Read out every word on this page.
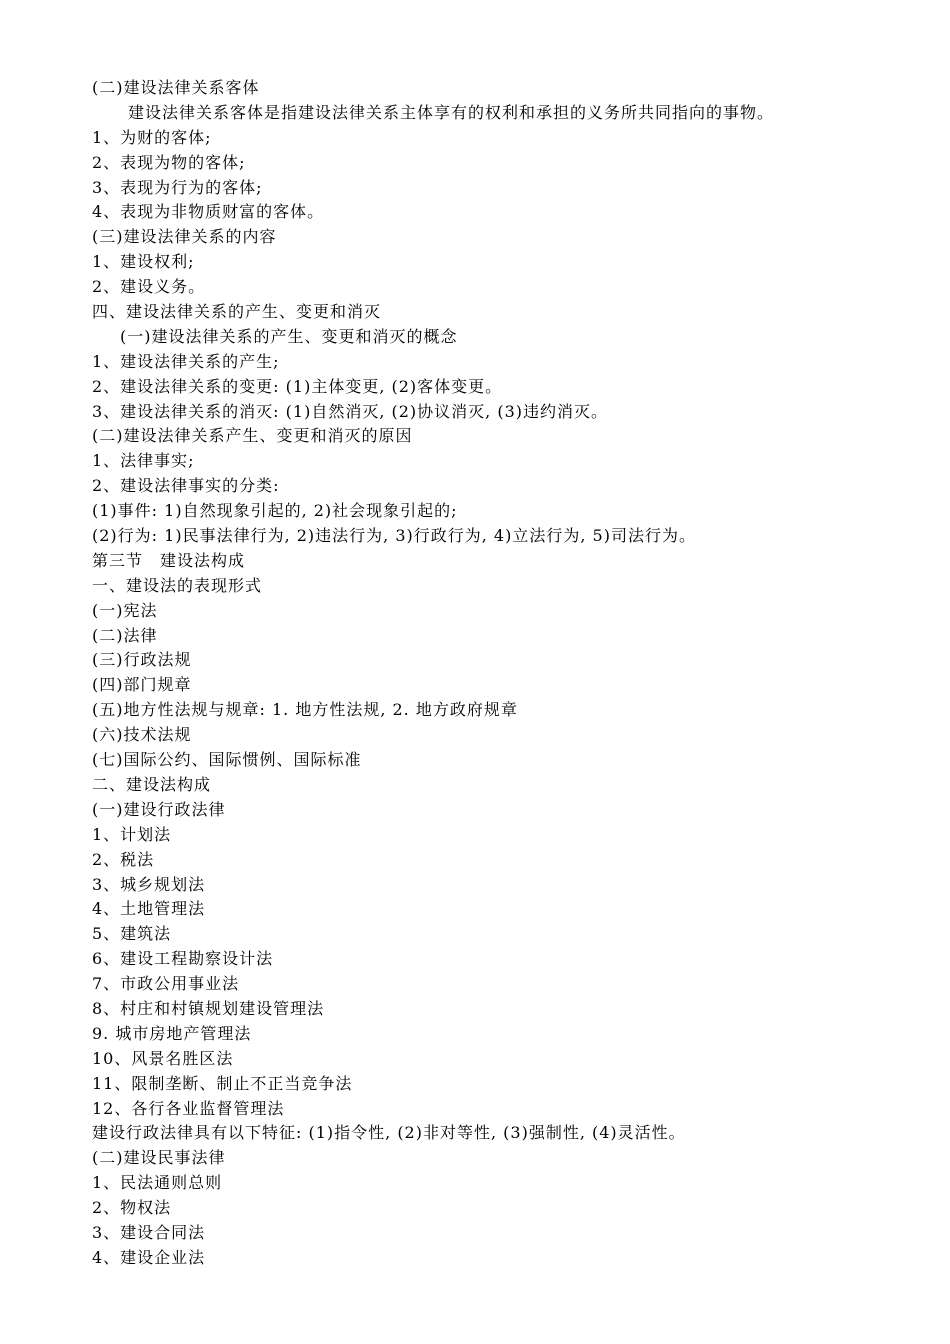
(二)建设法律关系客体
建设法律关系客体是指建设法律关系主体享有的权利和承担的义务所共同指向的事物。
1、为财的客体;
2、表现为物的客体;
3、表现为行为的客体;
4、表现为非物质财富的客体。
(三)建设法律关系的内容
1、建设权利;
2、建设义务。
四、建设法律关系的产生、变更和消灭
(一)建设法律关系的产生、变更和消灭的概念
1、建设法律关系的产生;
2、建设法律关系的变更: (1)主体变更, (2)客体变更。
3、建设法律关系的消灭: (1)自然消灭, (2)协议消灭, (3)违约消灭。
(二)建设法律关系产生、变更和消灭的原因
1、法律事实;
2、建设法律事实的分类:
(1)事件: 1)自然现象引起的, 2)社会现象引起的;
(2)行为: 1)民事法律行为, 2)违法行为, 3)行政行为, 4)立法行为, 5)司法行为。
第三节　建设法构成
一、建设法的表现形式
(一)宪法
(二)法律
(三)行政法规
(四)部门规章
(五)地方性法规与规章: 1. 地方性法规, 2. 地方政府规章
(六)技术法规
(七)国际公约、国际惯例、国际标准
二、建设法构成
(一)建设行政法律
1、计划法
2、税法
3、城乡规划法
4、土地管理法
5、建筑法
6、建设工程勘察设计法
7、市政公用事业法
8、村庄和村镇规划建设管理法
9. 城市房地产管理法
10、风景名胜区法
11、限制垄断、制止不正当竞争法
12、各行各业监督管理法
建设行政法律具有以下特征: (1)指令性, (2)非对等性, (3)强制性, (4)灵活性。
(二)建设民事法律
1、民法通则总则
2、物权法
3、建设合同法
4、建设企业法
